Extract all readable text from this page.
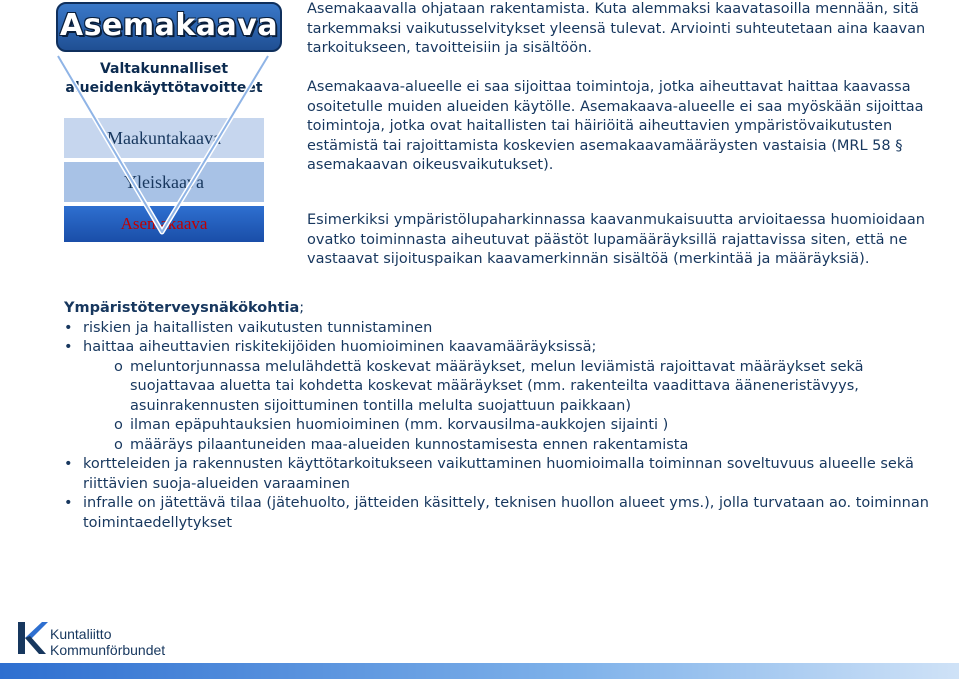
Asemakaava
Valtakunnalliset alueidenkäyttötavoitteet
Maakuntakaava
Yleiskaava
Asemakaava
Asemakaavalla ohjataan rakentamista. Kuta alemmaksi kaavatasoilla mennään, sitä tarkemmaksi vaikutusselvitykset yleensä tulevat. Arviointi suhteutetaan aina kaavan tarkoitukseen, tavoitteisiin ja sisältöön.
Asemakaava-alueelle ei saa sijoittaa toimintoja, jotka aiheuttavat haittaa kaavassa osoitetulle muiden alueiden käytölle. Asemakaava-alueelle ei saa myöskään sijoittaa toimintoja, jotka ovat haitallisten tai häiriöitä aiheuttavien ympäristövaikutusten estämistä tai rajoittamista koskevien asemakaavamääräysten vastaisia (MRL 58 § asemakaavan oikeusvaikutukset).
Esimerkiksi ympäristölupaharkinnassa kaavanmukaisuutta arvioitaessa huomioidaan ovatko toiminnasta aiheutuvat päästöt lupamääräyksillä rajattavissa siten, että ne vastaavat sijoituspaikan kaavamerkinnän sisältöä (merkintää ja määräyksiä).
Ympäristöterveysnäkökohtia;
• riskien ja haitallisten vaikutusten tunnistaminen
• haittaa aiheuttavien riskitekijöiden huomioiminen kaavamääräyksissä;
o meluntorjunnassa melulähdettä koskevat määräykset, melun leviämistä rajoittavat määräykset sekä suojattavaa aluetta tai kohdetta koskevat määräykset (mm. rakenteilta vaadittava ääneneristävyys, asuinrakennusten sijoittuminen tontilla melulta suojattuun paikkaan)
o ilman epäpuhtauksien huomioiminen (mm. korvausilma-aukkojen sijainti )
o määräys pilaantuneiden maa-alueiden kunnostamisesta ennen rakentamista
• kortteleiden ja rakennusten käyttötarkoitukseen vaikuttaminen huomioimalla toiminnan soveltuvuus alueelle sekä riittävien suoja-alueiden varaaminen
• infralle on jätettävä tilaa (jätehuolto, jätteiden käsittely, teknisen huollon alueet yms.), jolla turvataan ao. toiminnan toimintaedellytykset
Kuntaliitto
Kommunförbundet
